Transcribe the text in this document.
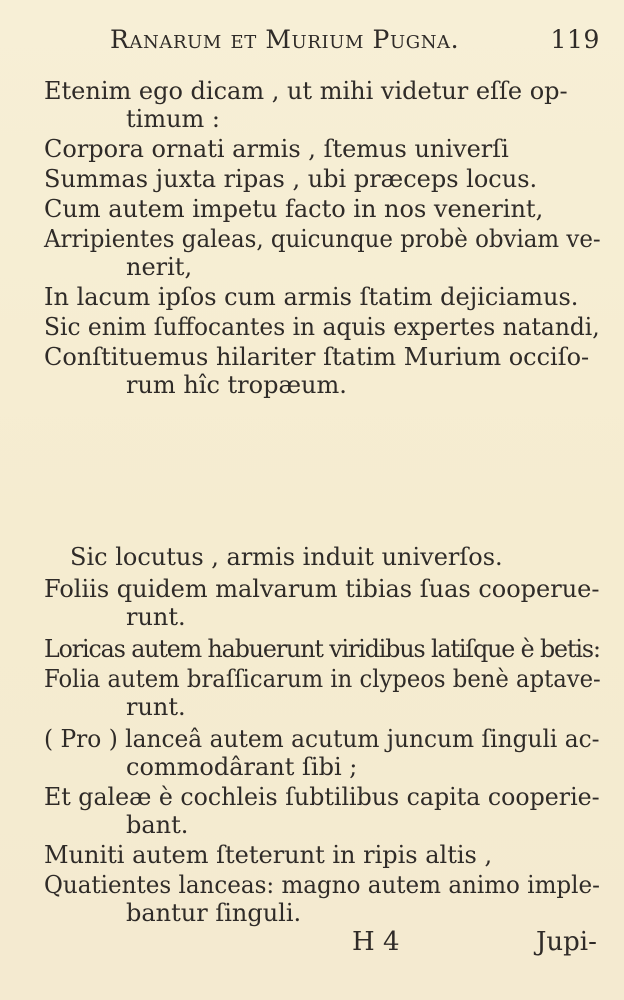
Ranarum et Murium Pugna.	119
Etenim ego dicam , ut mihi videtur eſſe op-
timum :
Corpora ornati armis , ſtemus univerſi
Summas juxta ripas , ubi præceps locus.
Cum autem impetu facto in nos venerint,
Arripientes galeas, quicunque probè obviam ve-
nerit,
In lacum ipſos cum armis ſtatim dejiciamus.
Sic enim ſuffocantes in aquis expertes natandi,
Conſtituemus hilariter ſtatim Murium occiſo-
rum hîc tropæum.
Sic locutus , armis induit univerſos.
Foliis quidem malvarum tibias ſuas cooperue-
runt.
Loricas autem habuerunt viridibus latiſque è betis:
Folia autem braſſicarum in clypeos benè aptave-
runt.
( Pro ) lanceâ autem acutum juncum ſinguli ac-
commodârant ſibi ;
Et galeæ è cochleis ſubtilibus capita cooperie-
bant.
Muniti autem ſteterunt in ripis altis ,
Quatientes lanceas: magno autem animo imple-
bantur ſinguli.
H 4	Jupi-
